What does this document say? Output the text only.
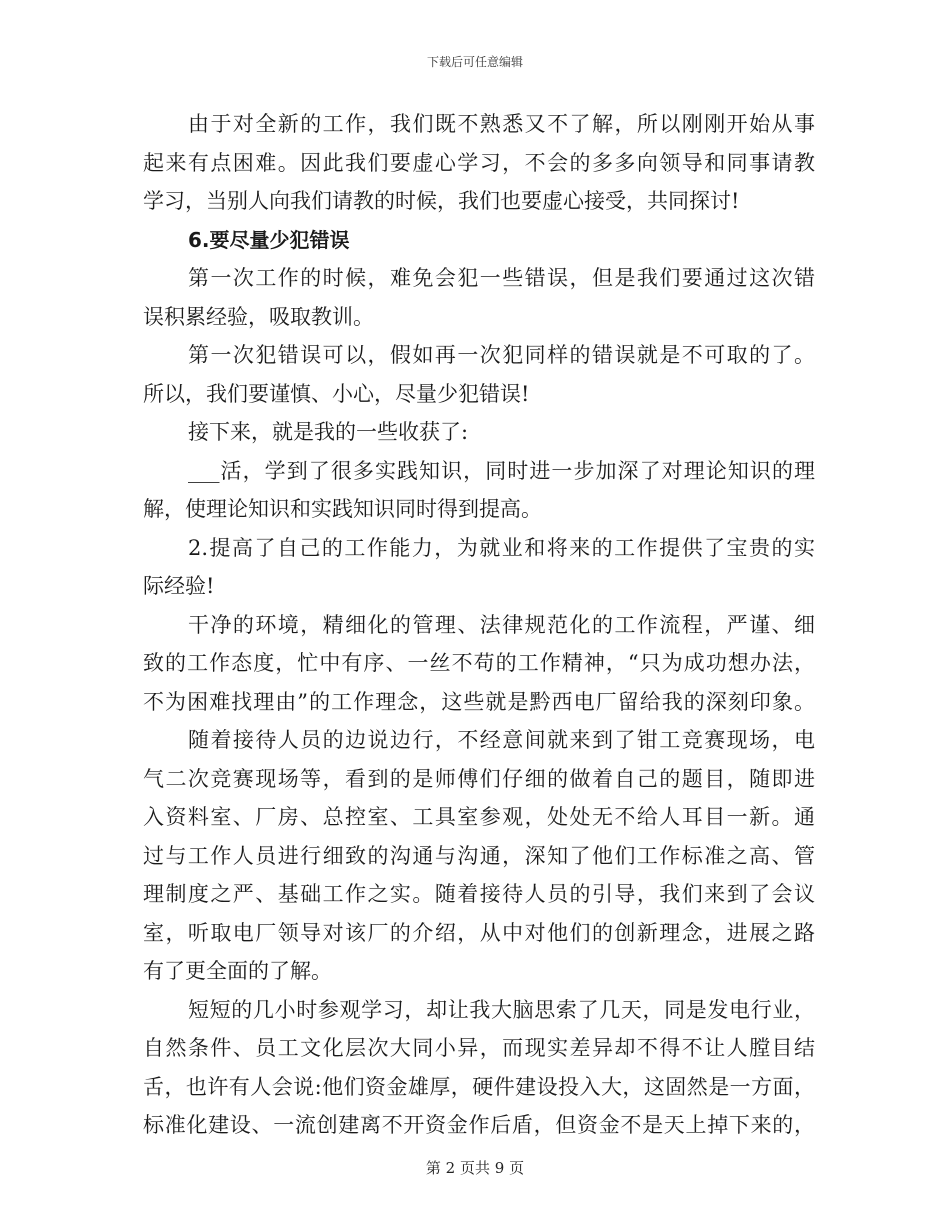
下载后可任意编辑
由于对全新的工作，我们既不熟悉又不了解，所以刚刚开始从事
起来有点困难。因此我们要虚心学习，不会的多多向领导和同事请教
学习，当别人向我们请教的时候，我们也要虚心接受，共同探讨!
6.要尽量少犯错误
第一次工作的时候，难免会犯一些错误，但是我们要通过这次错
误积累经验，吸取教训。
第一次犯错误可以，假如再一次犯同样的错误就是不可取的了。
所以，我们要谨慎、小心，尽量少犯错误!
接下来，就是我的一些收获了:
___活，学到了很多实践知识，同时进一步加深了对理论知识的理
解，使理论知识和实践知识同时得到提高。
2.提高了自己的工作能力，为就业和将来的工作提供了宝贵的实
际经验!
干净的环境，精细化的管理、法律规范化的工作流程，严谨、细
致的工作态度，忙中有序、一丝不苟的工作精神，“只为成功想办法，
不为困难找理由”的工作理念，这些就是黔西电厂留给我的深刻印象。
随着接待人员的边说边行，不经意间就来到了钳工竞赛现场，电
气二次竞赛现场等，看到的是师傅们仔细的做着自己的题目，随即进
入资料室、厂房、总控室、工具室参观，处处无不给人耳目一新。通
过与工作人员进行细致的沟通与沟通，深知了他们工作标准之高、管
理制度之严、基础工作之实。随着接待人员的引导，我们来到了会议
室，听取电厂领导对该厂的介绍，从中对他们的创新理念，进展之路
有了更全面的了解。
短短的几小时参观学习，却让我大脑思索了几天，同是发电行业，
自然条件、员工文化层次大同小异，而现实差异却不得不让人膛目结
舌，也许有人会说:他们资金雄厚，硬件建设投入大，这固然是一方面，
标准化建设、一流创建离不开资金作后盾，但资金不是天上掉下来的，
第 2 页共 9 页
